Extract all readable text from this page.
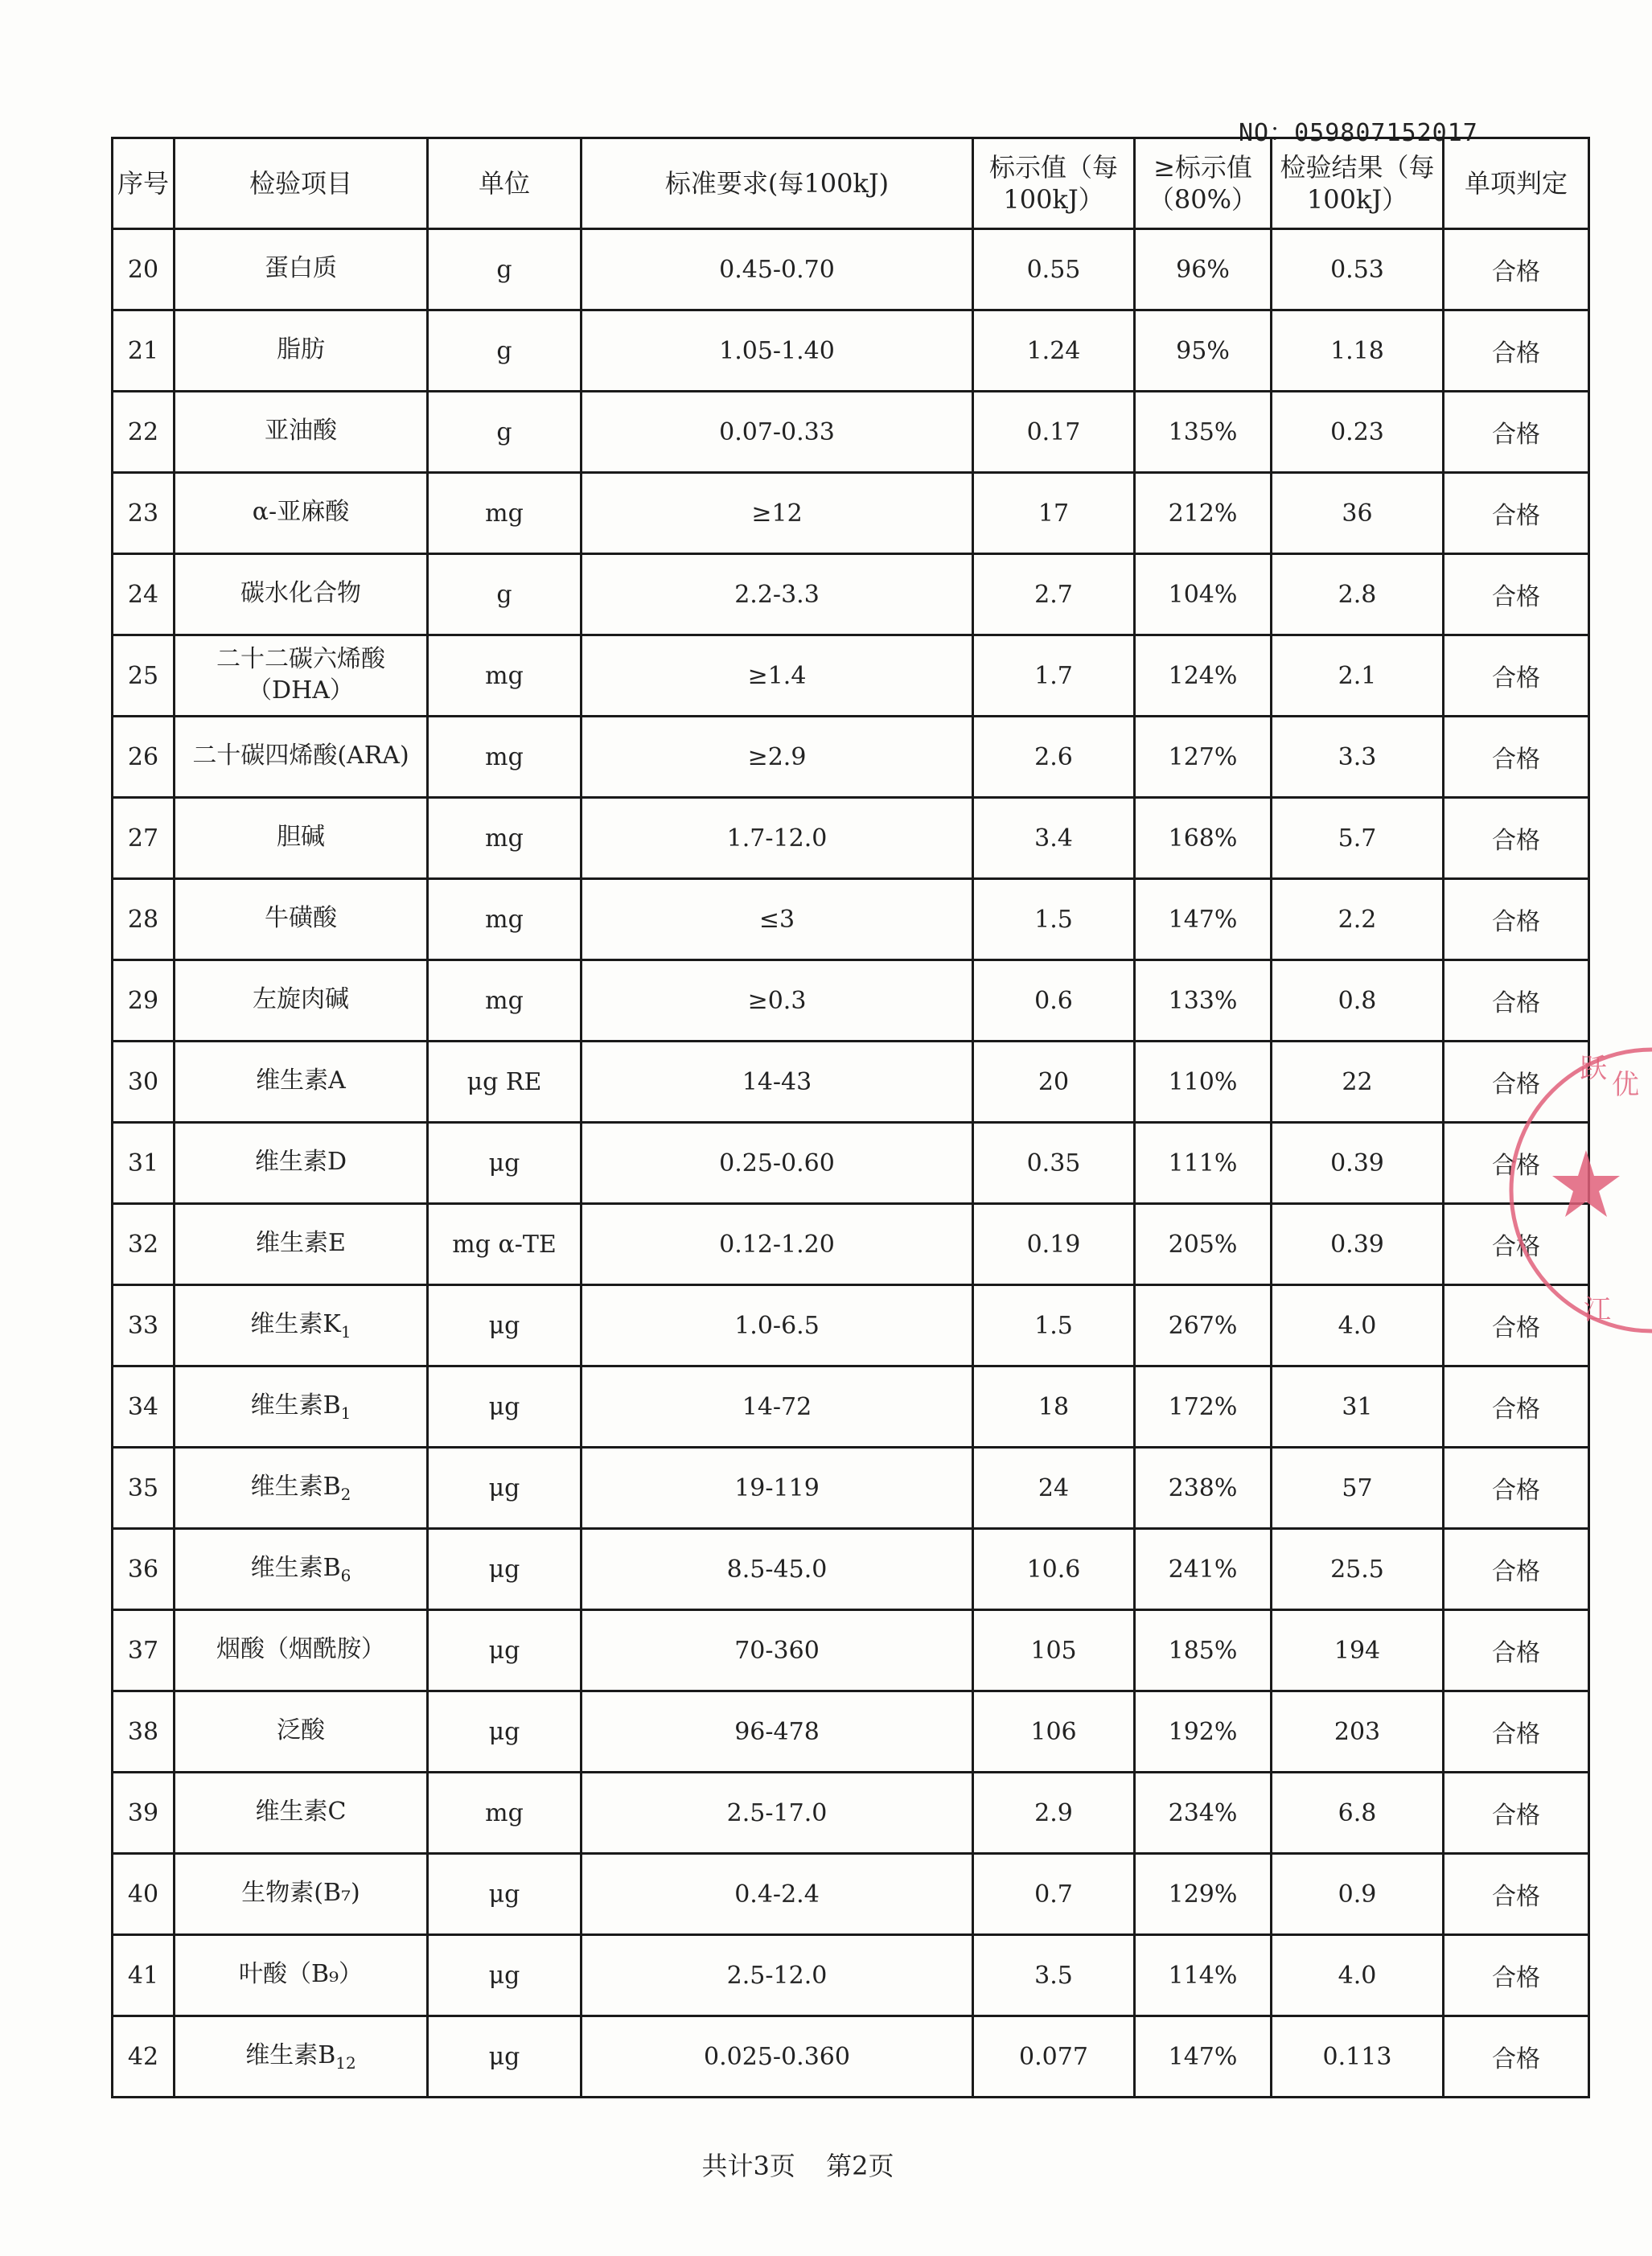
NO：059807152017
序号	检验项目	单位	标准要求(每100kJ)	标示值（每100kJ）	≥标示值（80%）	检验结果（每100kJ）	单项判定
20	蛋白质	g	0.45-0.70	0.55	96%	0.53	合格
21	脂肪	g	1.05-1.40	1.24	95%	1.18	合格
22	亚油酸	g	0.07-0.33	0.17	135%	0.23	合格
23	α-亚麻酸	mg	≥12	17	212%	36	合格
24	碳水化合物	g	2.2-3.3	2.7	104%	2.8	合格
25	二十二碳六烯酸（DHA）	mg	≥1.4	1.7	124%	2.1	合格
26	二十碳四烯酸(ARA)	mg	≥2.9	2.6	127%	3.3	合格
27	胆碱	mg	1.7-12.0	3.4	168%	5.7	合格
28	牛磺酸	mg	≤3	1.5	147%	2.2	合格
29	左旋肉碱	mg	≥0.3	0.6	133%	0.8	合格
30	维生素A	μg RE	14-43	20	110%	22	合格
31	维生素D	μg	0.25-0.60	0.35	111%	0.39	合格
32	维生素E	mg α-TE	0.12-1.20	0.19	205%	0.39	合格
33	维生素$K_1$	μg	1.0-6.5	1.5	267%	4.0	合格
34	维生素$B_1$	μg	14-72	18	172%	31	合格
35	维生素$B_2$	μg	19-119	24	238%	57	合格
36	维生素$B_6$	μg	8.5-45.0	10.6	241%	25.5	合格
37	烟酸（烟酰胺）	μg	70-360	105	185%	194	合格
38	泛酸	μg	96-478	106	192%	203	合格
39	维生素C	mg	2.5-17.0	2.9	234%	6.8	合格
40	生物素(B₇)	μg	0.4-2.4	0.7	129%	0.9	合格
41	叶酸（B₉）	μg	2.5-12.0	3.5	114%	4.0	合格
42	维生素$B_{12}$	μg	0.025-0.360	0.077	147%	0.113	合格
跃 优
江
共计3页 第2页
